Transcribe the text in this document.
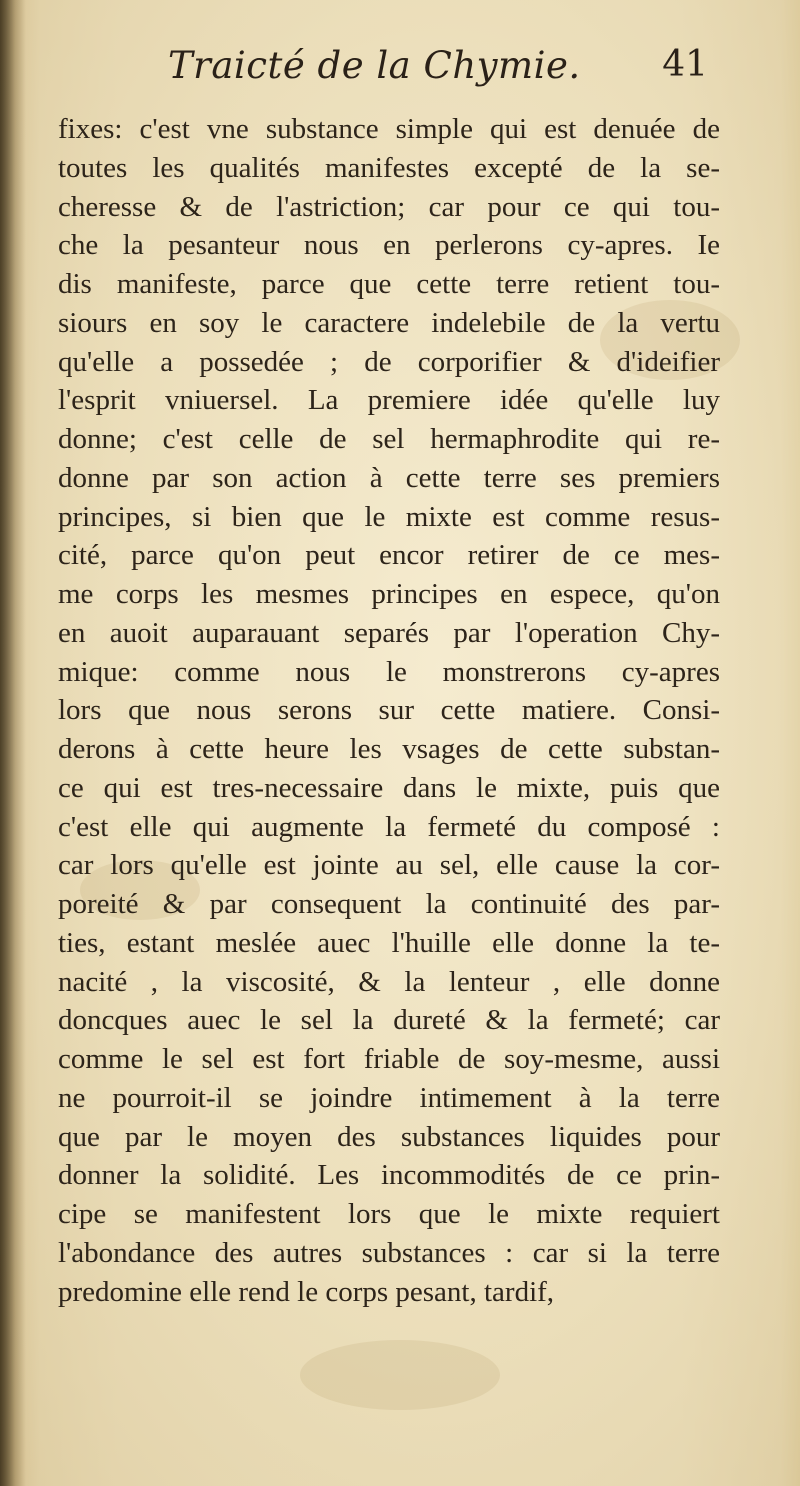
Traicté de la Chymie. 41
fixes: c'est vne substance simple qui est denuée de
toutes les qualités manifestes excepté de la se-
cheresse & de l'astriction; car pour ce qui tou-
che la pesanteur nous en perlerons cy-apres. Ie
dis manifeste, parce que cette terre retient tou-
siours en soy le caractere indelebile de la vertu
qu'elle a possedée ; de corporifier & d'ideifier
l'esprit vniuersel. La premiere idée qu'elle luy
donne; c'est celle de sel hermaphrodite qui re-
donne par son action à cette terre ses premiers
principes, si bien que le mixte est comme resus-
cité, parce qu'on peut encor retirer de ce mes-
me corps les mesmes principes en espece, qu'on
en auoit auparauant separés par l'operation Chy-
mique: comme nous le monstrerons cy-apres
lors que nous serons sur cette matiere. Consi-
derons à cette heure les vsages de cette substan-
ce qui est tres-necessaire dans le mixte, puis que
c'est elle qui augmente la fermeté du composé :
car lors qu'elle est jointe au sel, elle cause la cor-
poreité & par consequent la continuité des par-
ties, estant meslée auec l'huille elle donne la te-
nacité , la viscosité, & la lenteur , elle donne
doncques auec le sel la dureté & la fermeté; car
comme le sel est fort friable de soy-mesme, aussi
ne pourroit-il se joindre intimement à la terre
que par le moyen des substances liquides pour
donner la solidité. Les incommodités de ce prin-
cipe se manifestent lors que le mixte requiert
l'abondance des autres substances : car si la terre
predomine elle rend le corps pesant, tardif,
